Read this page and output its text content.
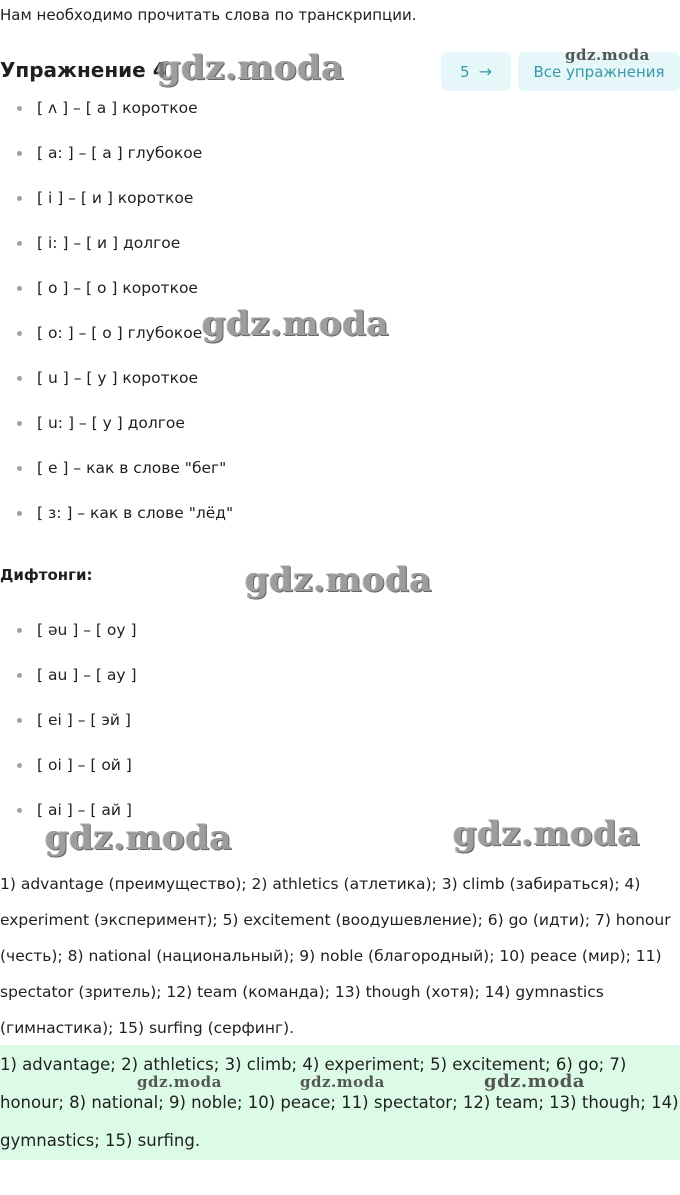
Нам необходимо прочитать слова по транскрипции.

Упражнение 4	5 →	Все упражнения
[ ʌ ] – [ а ] короткое
[ a: ] – [ а ] глубокое
[ i ] – [ и ] короткое
[ i: ] – [ и ] долгое
[ o ] – [ о ] короткое
[ o: ] – [ о ] глубокое
[ u ] – [ у ] короткое
[ u: ] – [ у ] долгое
[ e ] – как в слове "бег"
[ ɜ: ] – как в слове "лёд"

Дифтонги:

[ əu ] – [ оу ]
[ au ] – [ ау ]
[ ei ] – [ эй ]
[ oi ] – [ ой ]
[ ai ] – [ ай ]

1) advantage (преимущество); 2) athletics (атлетика); 3) climb (забираться); 4) experiment (эксперимент); 5) excitement (воодушевление); 6) go (идти); 7) honour (честь); 8) national (национальный); 9) noble (благородный); 10) peace (мир); 11) spectator (зритель); 12) team (команда); 13) though (хотя); 14) gymnastics (гимнастика); 15) surfing (серфинг).

1) advantage; 2) athletics; 3) climb; 4) experiment; 5) excitement; 6) go; 7) honour; 8) national; 9) noble; 10) peace; 11) spectator; 12) team; 13) though; 14) gymnastics; 15) surfing.

gdz.moda	gdz.moda
gdz.moda
gdz.moda
gdz.moda	gdz.moda
gdz.moda	gdz.moda	gdz.moda
